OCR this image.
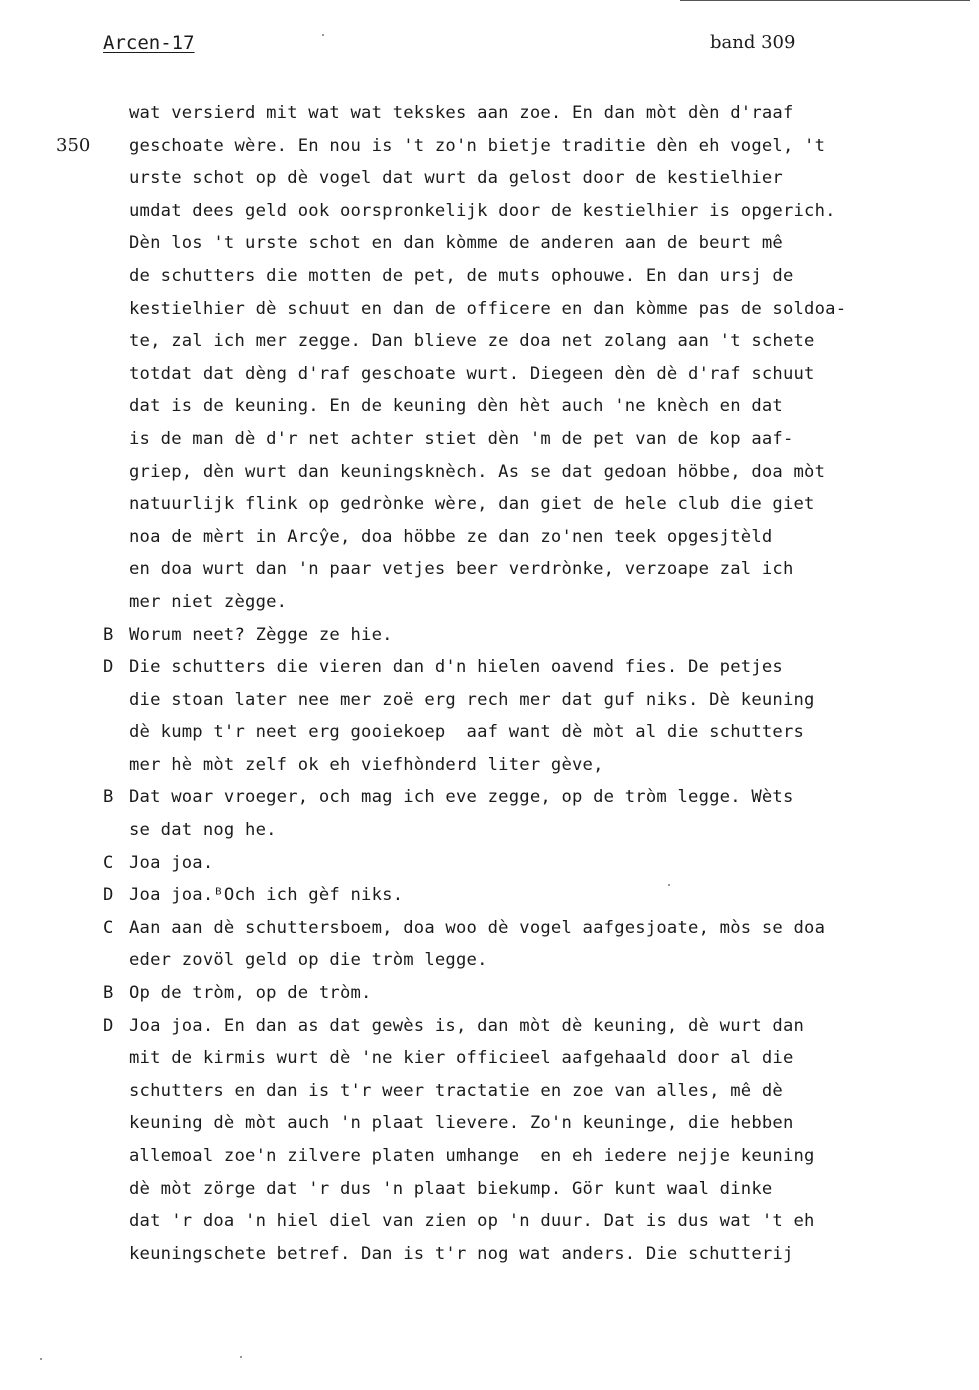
Arcen-17	band 309
350
wat versierd mit wat wat tekskes aan zoe. En dan mòt dèn d'raaf
geschoate wère. En nou is 't zo'n bietje traditie dèn eh vogel, 't
urste schot op dè vogel dat wurt da gelost door de kestielhier
umdat dees geld ook oorspronkelijk door de kestielhier is opgerich.
Dèn los 't urste schot en dan kòmme de anderen aan de beurt mê
de schutters die motten de pet, de muts ophouwe. En dan ursj de
kestielhier dè schuut en dan de officere en dan kòmme pas de soldoa-
te, zal ich mer zegge. Dan blieve ze doa net zolang aan 't schete
totdat dat dèng d'raf geschoate wurt. Diegeen dèn dè d'raf schuut
dat is de keuning. En de keuning dèn hèt auch 'ne knèch en dat
is de man dè d'r net achter stiet dèn 'm de pet van de kop aaf-
griep, dèn wurt dan keuningsknèch. As se dat gedoan höbbe, doa mòt
natuurlijk flink op gedrònke wère, dan giet de hele club die giet
noa de mèrt in Arcŷe, doa höbbe ze dan zo'nen teek opgesjtèld
en doa wurt dan 'n paar vetjes beer verdrònke, verzoape zal ich
mer niet zègge.
B Worum neet? Zègge ze hie.
D Die schutters die vieren dan d'n hielen oavend fies. De petjes
die stoan later nee mer zoë erg rech mer dat guf niks. Dè keuning
dè kump t'r neet erg gooiekoep  aaf want dè mòt al die schutters
mer hè mòt zelf ok eh viefhònderd liter gève,
B Dat woar vroeger, och mag ich eve zegge, op de tròm legge. Wèts
se dat nog he.
C Joa joa.
D Joa joa.ᴮOch ich gèf niks.
C Aan aan dè schuttersboem, doa woo dè vogel aafgesjoate, mòs se doa
eder zovöl geld op die tròm legge.
B Op de tròm, op de tròm.
D Joa joa. En dan as dat gewès is, dan mòt dè keuning, dè wurt dan
mit de kirmis wurt dè 'ne kier officieel aafgehaald door al die
schutters en dan is t'r weer tractatie en zoe van alles, mê dè
keuning dè mòt auch 'n plaat lievere. Zo'n keuninge, die hebben
allemoal zoe'n zilvere platen umhange  en eh iedere nejje keuning
dè mòt zörge dat 'r dus 'n plaat biekump. Gör kunt waal dinke
dat 'r doa 'n hiel diel van zien op 'n duur. Dat is dus wat 't eh
keuningschete betref. Dan is t'r nog wat anders. Die schutterij
